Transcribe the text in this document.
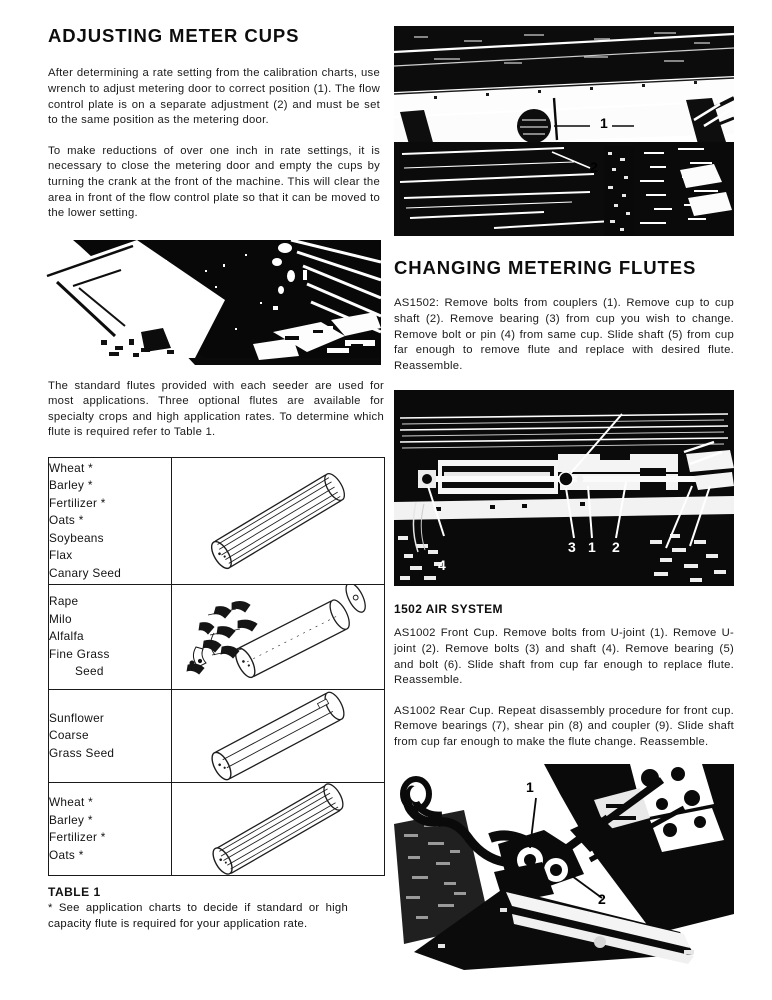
ADJUSTING METER CUPS

After determining a rate setting from the calibration charts, use wrench to adjust metering door to correct position (1). The flow control plate is on a separate adjustment (2) and must be set to the same position as the metering door.

To make reductions of over one inch in rate settings, it is necessary to close the metering door and empty the cups by turning the crank at the front of the machine. This will clear the area in front of the flow control plate so that it can be moved to the lower setting.

The standard flutes provided with each seeder are used for most applications. Three optional flutes are available for specialty crops and high application rates. To determine which flute is required refer to Table 1.

Wheat *
Barley *
Fertilizer *
Oats *
Soybeans
Flax
Canary Seed	

Rape
Milo
Alfalfa
Fine Grass
Seed

Sunflower
Coarse
Grass Seed	

Wheat *
Barley *
Fertilizer *
Oats *	
TABLE 1

* See application charts to decide if standard or high capacity flute is required for your application rate.

1
2
CHANGING METERING FLUTES

AS1502: Remove bolts from couplers (1). Remove cup to cup shaft (2). Remove bearing (3) from cup you wish to change. Remove bolt or pin (4) from same cup. Slide shaft (5) from cup far enough to remove flute and replace with desired flute. Reassemble.

4
3 1 2
1502 AIR SYSTEM

AS1002 Front Cup. Remove bolts from U-joint (1). Remove U-joint (2). Remove bolts (3) and shaft (4). Remove bearing (5) and bolt (6). Slide shaft from cup far enough to replace flute. Reassemble.

AS1002 Rear Cup. Repeat disassembly procedure for front cup. Remove bearings (7), shear pin (8) and coupler (9). Slide shaft from cup far enough to make the flute change. Reassemble.

1
2
